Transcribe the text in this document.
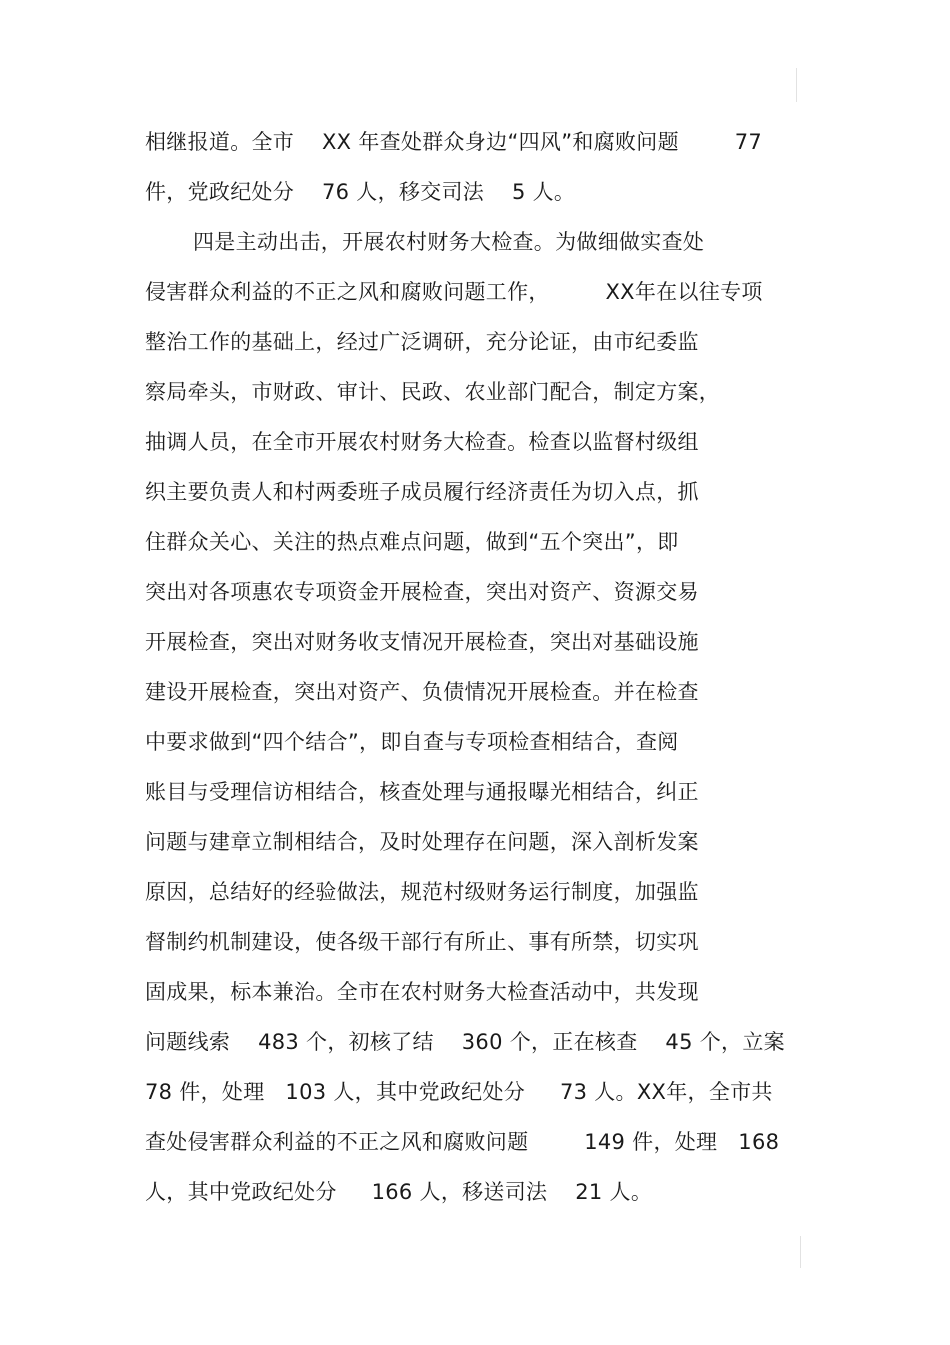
相继报道。全市    XX 年查处群众身边“四风”和腐败问题        77
件，党政纪处分    76 人，移交司法    5 人。
四是主动出击，开展农村财务大检查。为做细做实查处
侵害群众利益的不正之风和腐败问题工作，        XX年在以往专项
整治工作的基础上，经过广泛调研，充分论证，由市纪委监
察局牵头，市财政、审计、民政、农业部门配合，制定方案，
抽调人员，在全市开展农村财务大检查。检查以监督村级组
织主要负责人和村两委班子成员履行经济责任为切入点，抓
住群众关心、关注的热点难点问题，做到“五个突出”，即
突出对各项惠农专项资金开展检查，突出对资产、资源交易
开展检查，突出对财务收支情况开展检查，突出对基础设施
建设开展检查，突出对资产、负债情况开展检查。并在检查
中要求做到“四个结合”，即自查与专项检查相结合，查阅
账目与受理信访相结合，核查处理与通报曝光相结合，纠正
问题与建章立制相结合，及时处理存在问题，深入剖析发案
原因，总结好的经验做法，规范村级财务运行制度，加强监
督制约机制建设，使各级干部行有所止、事有所禁，切实巩
固成果，标本兼治。全市在农村财务大检查活动中，共发现
问题线索    483 个，初核了结    360 个，正在核查    45 个，立案
78 件，处理   103 人，其中党政纪处分     73 人。XX年，全市共
查处侵害群众利益的不正之风和腐败问题        149 件，处理   168
人，其中党政纪处分     166 人，移送司法    21 人。
